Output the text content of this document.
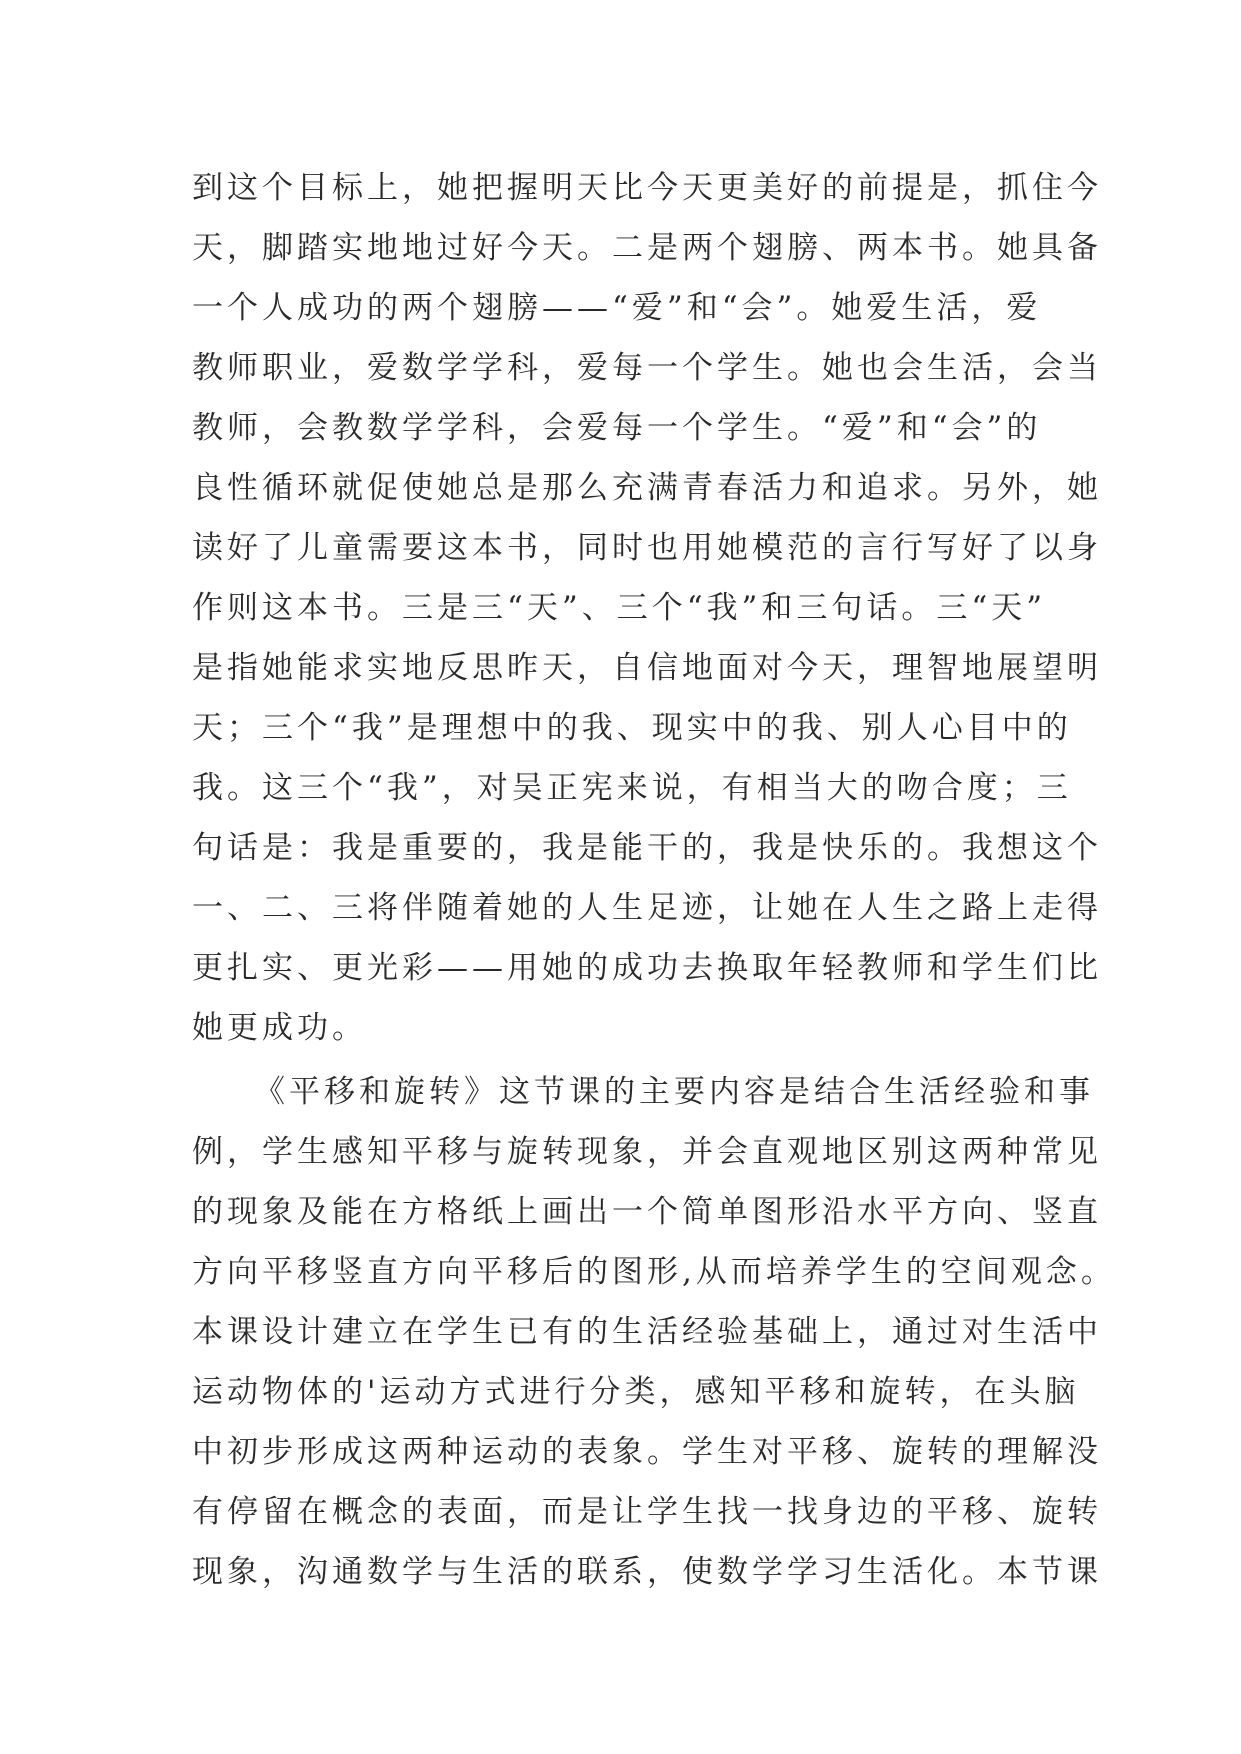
到这个目标上，她把握明天比今天更美好的前提是，抓住今
天，脚踏实地地过好今天。二是两个翅膀、两本书。她具备
一个人成功的两个翅膀——“爱”和“会”。她爱生活，爱
教师职业，爱数学学科，爱每一个学生。她也会生活，会当
教师，会教数学学科，会爱每一个学生。“爱”和“会”的
良性循环就促使她总是那么充满青春活力和追求。另外，她
读好了儿童需要这本书，同时也用她模范的言行写好了以身
作则这本书。三是三“天”、三个“我”和三句话。三“天”
是指她能求实地反思昨天，自信地面对今天，理智地展望明
天；三个“我”是理想中的我、现实中的我、别人心目中的
我。这三个“我”，对吴正宪来说，有相当大的吻合度；三
句话是：我是重要的，我是能干的，我是快乐的。我想这个
一、二、三将伴随着她的人生足迹，让她在人生之路上走得
更扎实、更光彩——用她的成功去换取年轻教师和学生们比
她更成功。
《平移和旋转》这节课的主要内容是结合生活经验和事
例，学生感知平移与旋转现象，并会直观地区别这两种常见
的现象及能在方格纸上画出一个简单图形沿水平方向、竖直
方向平移竖直方向平移后的图形,从而培养学生的空间观念。
本课设计建立在学生已有的生活经验基础上，通过对生活中
运动物体的'运动方式进行分类，感知平移和旋转，在头脑
中初步形成这两种运动的表象。学生对平移、旋转的理解没
有停留在概念的表面，而是让学生找一找身边的平移、旋转
现象，沟通数学与生活的联系，使数学学习生活化。本节课
